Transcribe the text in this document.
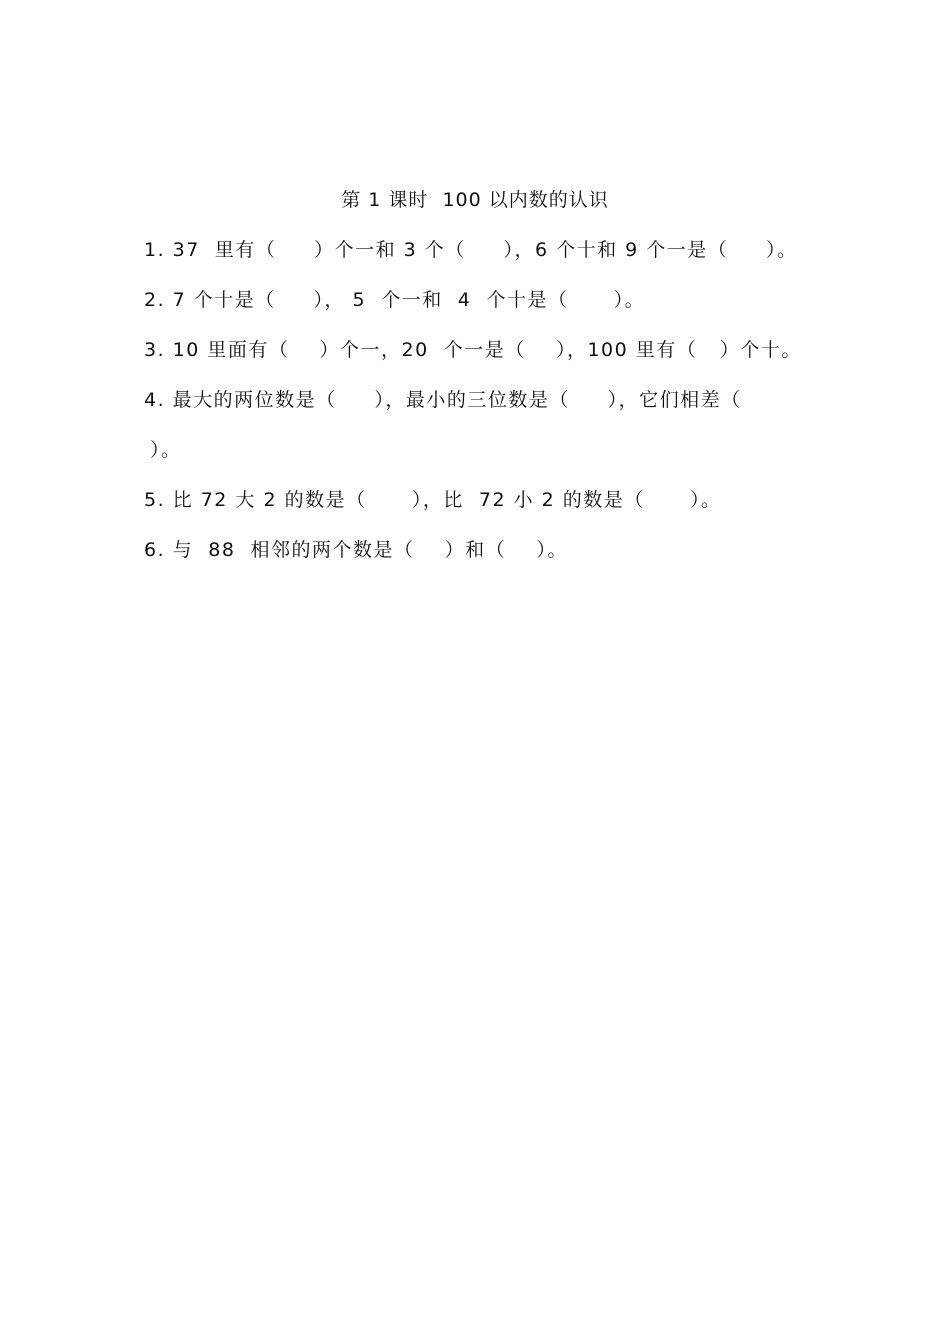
第 1 课时  100 以内数的认识
1. 37  里有（     ）个一和 3 个（     ），6 个十和 9 个一是（     ）。
2. 7 个十是（     ）， 5  个一和  4  个十是（      ）。
3. 10 里面有（    ）个一，20  个一是（    ），100 里有（   ）个十。
4. 最大的两位数是（     ），最小的三位数是（     ），它们相差（
）。
5. 比 72 大 2 的数是（      ），比  72 小 2 的数是（      ）。
6. 与  88  相邻的两个数是（    ）和（    ）。
